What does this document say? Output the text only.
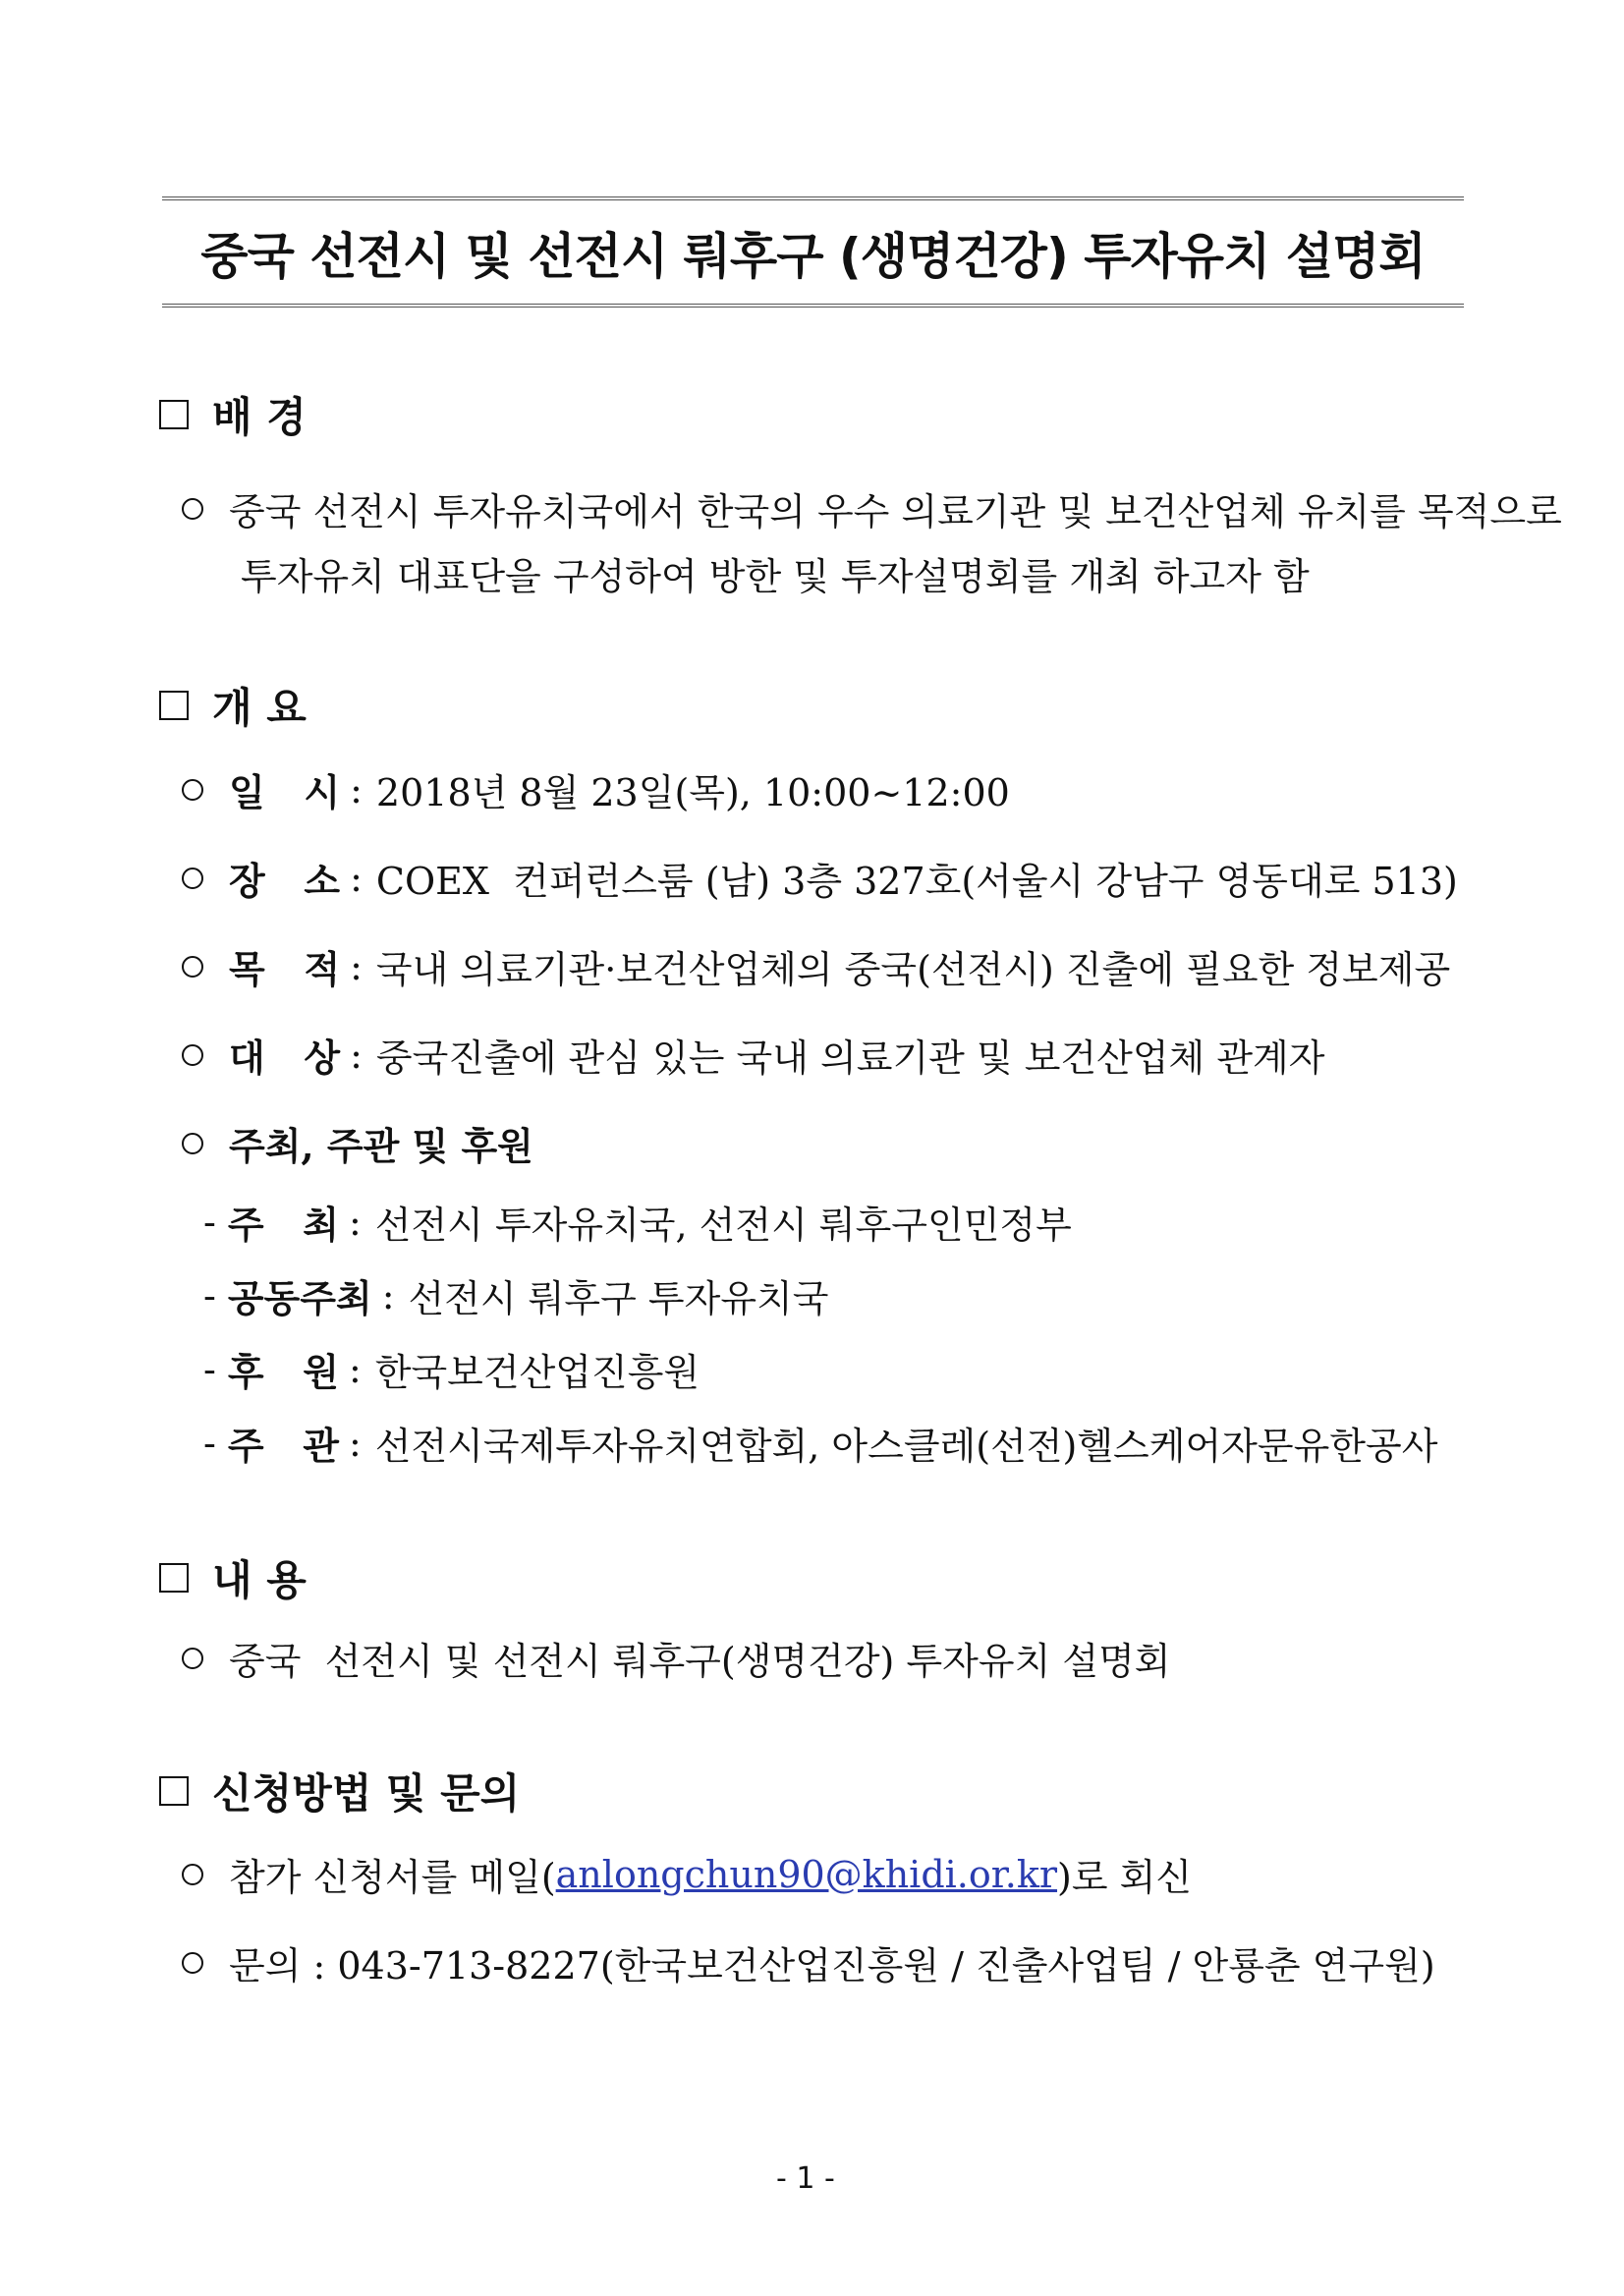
중국 선전시 및 선전시 뤄후구 (생명건강) 투자유치 설명회
배 경
중국 선전시 투자유치국에서 한국의 우수 의료기관 및 보건산업체 유치를 목적으로
투자유치 대표단을 구성하여 방한 및 투자설명회를 개최 하고자 함
개 요
일   시 : 2018년 8월 23일(목), 10:00~12:00
장   소 : COEX  컨퍼런스룸 (남) 3층 327호(서울시 강남구 영동대로 513)
목   적 : 국내 의료기관·보건산업체의 중국(선전시) 진출에 필요한 정보제공
대   상 : 중국진출에 관심 있는 국내 의료기관 및 보건산업체 관계자
주최, 주관 및 후원
- 주   최 : 선전시 투자유치국, 선전시 뤄후구인민정부
- 공동주최 : 선전시 뤄후구 투자유치국
- 후   원 : 한국보건산업진흥원
- 주   관 : 선전시국제투자유치연합회, 아스클레(선전)헬스케어자문유한공사
내 용
중국  선전시 및 선전시 뤄후구(생명건강) 투자유치 설명회
신청방법 및 문의
참가 신청서를 메일( anlongchun90@khidi.or.kr )로 회신
문의 : 043-713-8227(한국보건산업진흥원 / 진출사업팀 / 안룡춘 연구원)
- 1 -
